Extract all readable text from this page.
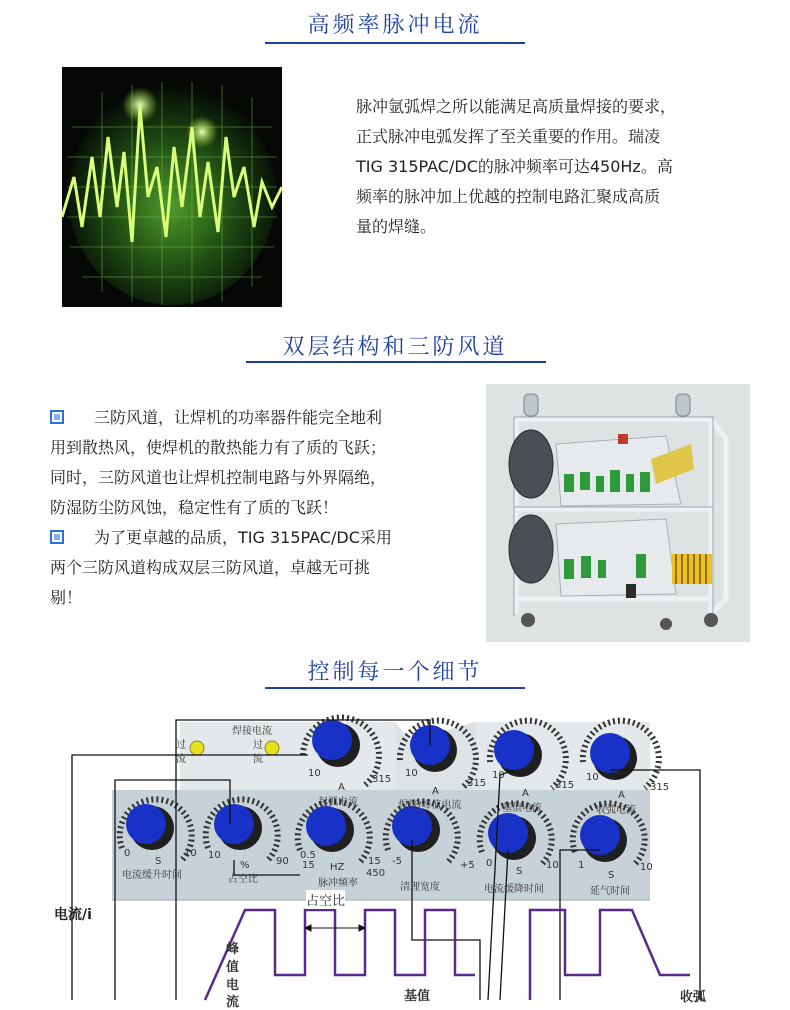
高频率脉冲电流
脉冲氩弧焊之所以能满足高质量焊接的要求，
正式脉冲电弧发挥了至关重要的作用。瑞凌
TIG 315PAC/DC的脉冲频率可达450Hz。高
频率的脉冲加上优越的控制电路汇聚成高质
量的焊缝。
双层结构和三防风道
三防风道，让焊机的功率器件能完全地利
用到散热风，使焊机的散热能力有了质的飞跃；
同时，三防风道也让焊机控制电路与外界隔绝，
防湿防尘防风蚀，稳定性有了质的飞跃！
为了更卓越的品质，TIG 315PAC/DC采用
两个三防风道构成双层三防风道，卓越无可挑
剔！
控制每一个细节
焊接电流
过
流
过
流
10
315
A
起弧电流
10
315
A
焊接/峰值电流
10
315
A
基值电流
10
315
A
收弧电流
0	10
S
电流缓升时间
10
90
%
占空比
0.5
15	15
450
HZ
脉冲频率
-5	+5
清理宽度
0	10
S
电流缓降时间
1	10
S
延气时间
电流/i
占空比
峰
值
电
流	基值	收弧
